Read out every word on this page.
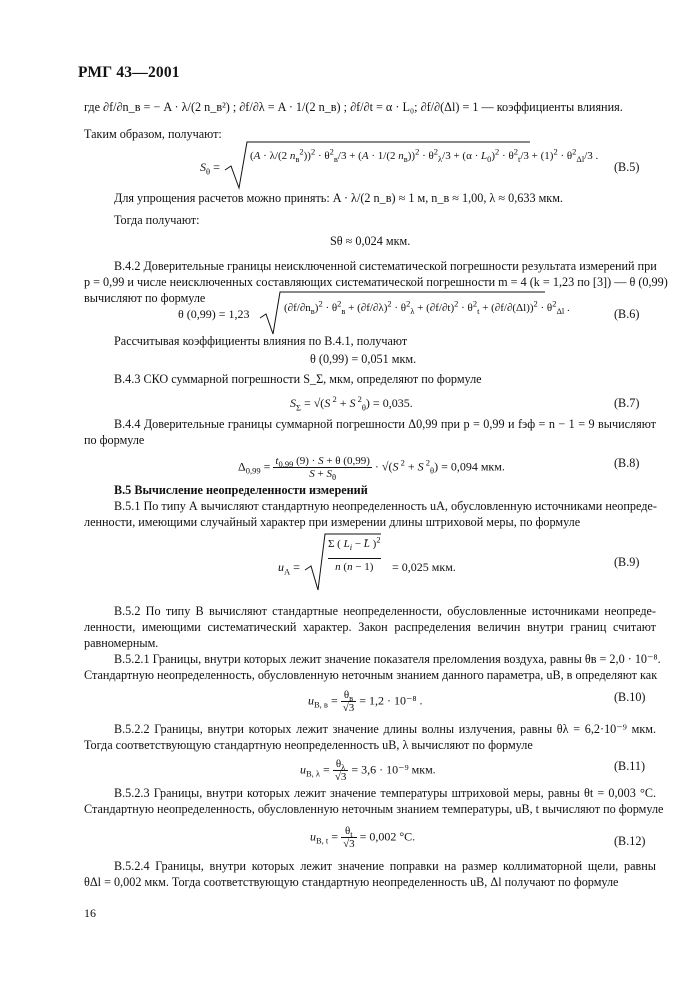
РМГ 43—2001
где ∂f/∂n_в = − A · λ/(2 n_в²) ; ∂f/∂λ = A · 1/(2 n_в) ; ∂f/∂t = α · L₀; ∂f/∂(Δl) = 1 — коэффициенты влияния.
Таким образом, получают:
$S_\theta$ =
(A · λ/(2 $n_в^2))^2 \cdot \theta^2_в/3 + (A \cdot 1/(2$ $n_в))^2 \cdot \theta^2_\lambda/3 + (\alpha \cdot L_0)^2 \cdot \theta^2_t/3 + (1)^2 \cdot \theta^2_{\Delta l}/3$ .
(В.5)
Для упрощения расчетов можно принять: A · λ/(2 n_в) ≈ 1 м, n_в ≈ 1,00, λ ≈ 0,633 мкм.
Тогда получают:
Sθ ≈ 0,024 мкм.
В.4.2 Доверительные границы неисключенной систематической погрешности результата измерений при
p = 0,99 и числе неисключенных составляющих систематической погрешности m = 4 (k = 1,23 по [3]) — θ (0,99)
вычисляют по формуле
θ (0,99) = 1,23	$(\partial f/\partial n_в)^2 \cdot \theta^2_в + (\partial f/\partial\lambda)^2 \cdot \theta^2_\lambda + (\partial f/\partial t)^2 \cdot \theta^2_t + (\partial f/\partial(\Delta l))^2 \cdot \theta^2_{\Delta l}$ .	(В.6)
Рассчитывая коэффициенты влияния по В.4.1, получают
θ (0,99) = 0,051 мкм.
В.4.3 СКО суммарной погрешности S_Σ, мкм, определяют по формуле
$S_\Sigma = √(S$ $^2$ + S $^2_\theta$) = 0,035.	(В.7)
В.4.4 Доверительные границы суммарной погрешности Δ0,99 при p = 0,99 и fэф = n − 1 = 9 вычисляют
по формуле
$\Delta_{0,99} = \frac{t_{0,99} (9) \cdot S + \theta (0,99)}{S + S_\theta} \cdot √(S$ $^2$ + S $^2_\theta$) = 0,094 мкм.	(В.8)
В.5 Вычисление неопределенности измерений
В.5.1 По типу А вычисляют стандартную неопределенность uА, обусловленную источниками неопреде-
ленности, имеющими случайный характер при измерении длины штриховой меры, по формуле
$u_A$ =
Σ ( $L_i$ − L̄ )$^2$
n (n − 1)	= 0,025 мкм.	(В.9)
В.5.2 По типу В вычисляют стандартные неопределенности, обусловленные источниками неопреде-
ленности, имеющими систематический характер. Закон распределения величин внутри границ считают
равномерным.
В.5.2.1 Границы, внутри которых лежит значение показателя преломления воздуха, равны θв = 2,0 · 10⁻⁸.
Стандартную неопределенность, обусловленную неточным знанием данного параметра, uB, в определяют как
$u_{B, в} = \frac{\theta_в}{√3} = 1,2 \cdot 10^{-8}$ .	(В.10)
В.5.2.2 Границы, внутри которых лежит значение длины волны излучения, равны θλ = 6,2·10⁻⁹ мкм.
Тогда соответствующую стандартную неопределенность uB, λ вычисляют по формуле
$u_{B, \lambda} = \frac{\theta_\lambda}{√3} = 3,6 \cdot 10^{-9}$ мкм.	(В.11)
В.5.2.3 Границы, внутри которых лежит значение температуры штриховой меры, равны θt = 0,003 °С.
Стандартную неопределенность, обусловленную неточным знанием температуры, uB, t вычисляют по формуле
$u_{B, t} = \frac{\theta_t}{√3} = 0,002$ °С.	(В.12)
В.5.2.4 Границы, внутри которых лежит значение поправки на размер коллиматорной щели, равны
θΔl = 0,002 мкм. Тогда соответствующую стандартную неопределенность uB, Δl получают по формуле
16
